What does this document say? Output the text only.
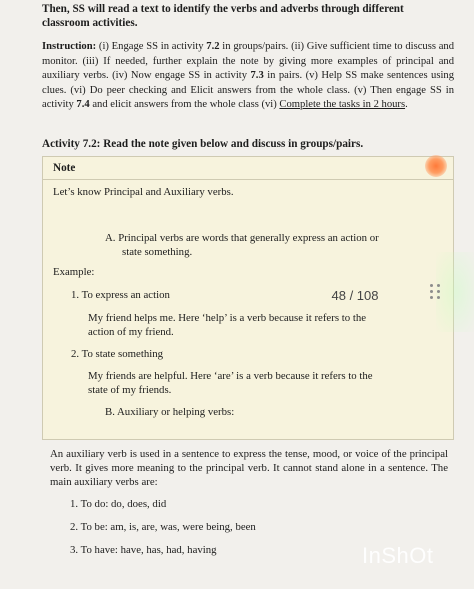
Then, SS will read a text to identify the verbs and adverbs through different classroom activities.
Instruction: (i) Engage SS in activity 7.2 in groups/pairs. (ii) Give sufficient time to discuss and monitor. (iii) If needed, further explain the note by giving more examples of principal and auxiliary verbs. (iv) Now engage SS in activity 7.3 in pairs. (v) Help SS make sentences using clues. (vi) Do peer checking and Elicit answers from the whole class. (v) Then engage SS in activity 7.4 and elicit answers from the whole class (vi) Complete the tasks in 2 hours.
Activity 7.2: Read the note given below and discuss in groups/pairs.
Note
Let’s know Principal and Auxiliary verbs.
A. Principal verbs are words that generally express an action or
state something.
Example:
1. To express an action
My friend helps me. Here ‘help’ is a verb because it refers to the
action of my friend.
2. To state something
My friends are helpful. Here ‘are’ is a verb because it refers to the
state of my friends.
B. Auxiliary or helping verbs:
48 / 108
An auxiliary verb is used in a sentence to express the tense, mood, or voice of the principal verb. It gives more meaning to the principal verb. It cannot stand alone in a sentence. The main auxiliary verbs are:
1. To do: do, does, did
2. To be: am, is, are, was, were being, been
3. To have: have, has, had, having	InShOt
